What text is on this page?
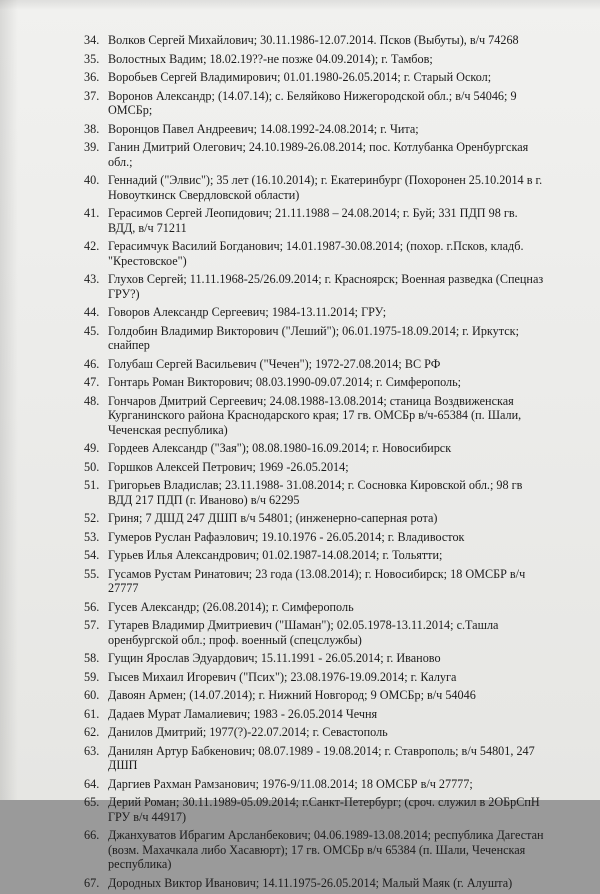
34. Волков Сергей Михайлович; 30.11.1986-12.07.2014. Псков (Выбуты), в/ч 74268
35. Волостных Вадим; 18.02.19??-не позже 04.09.2014); г. Тамбов;
36. Воробьев Сергей Владимирович; 01.01.1980-26.05.2014; г. Старый Оскол;
37. Воронов Александр; (14.07.14); с. Беляйково Нижегородской обл.; в/ч 54046; 9 ОМСБр;
38. Воронцов Павел Андреевич; 14.08.1992-24.08.2014; г. Чита;
39. Ганин Дмитрий Олегович; 24.10.1989-26.08.2014; пос. Котлубанка Оренбургская обл.;
40. Геннадий ("Элвис"); 35 лет (16.10.2014); г. Екатеринбург (Похоронен 25.10.2014 в г. Новоуткинск Свердловской области)
41. Герасимов Сергей Леопидович; 21.11.1988 – 24.08.2014; г. Буй; 331 ПДП 98 гв. ВДД, в/ч 71211
42. Герасимчук Василий Богданович; 14.01.1987-30.08.2014; (похор. г.Псков, кладб. "Крестовское")
43. Глухов Сергей; 11.11.1968-25/26.09.2014; г. Красноярск; Военная разведка (Спецназ ГРУ?)
44. Говоров Александр Сергеевич; 1984-13.11.2014; ГРУ;
45. Голдобин Владимир Викторович ("Леший"); 06.01.1975-18.09.2014; г. Иркутск; снайпер
46. Голубаш Сергей Васильевич ("Чечен"); 1972-27.08.2014; ВС РФ
47. Гонтарь Роман Викторович; 08.03.1990-09.07.2014; г. Симферополь;
48. Гончаров Дмитрий Сергеевич; 24.08.1988-13.08.2014; станица Воздвиженская Курганинского района Краснодарского края; 17 гв. ОМСБр в/ч-65384 (п. Шали, Чеченская республика)
49. Гордеев Александр ("Зая"); 08.08.1980-16.09.2014; г. Новосибирск
50. Горшков Алексей Петрович; 1969 -26.05.2014;
51. Григорьев Владислав; 23.11.1988- 31.08.2014; г. Сосновка Кировской обл.; 98 гв ВДД 217 ПДП (г. Иваново) в/ч 62295
52. Гриня; 7 ДШД 247 ДШП в/ч 54801; (инженерно-саперная рота)
53. Гумеров Руслан Рафаэлович; 19.10.1976 - 26.05.2014; г. Владивосток
54. Гурьев Илья Александрович; 01.02.1987-14.08.2014; г. Тольятти;
55. Гусамов Рустам Ринатович; 23 года (13.08.2014); г. Новосибирск; 18 ОМСБР в/ч 27777
56. Гусев Александр; (26.08.2014); г. Симферополь
57. Гутарев Владимир Дмитриевич ("Шаман"); 02.05.1978-13.11.2014; с.Ташла оренбургской обл.; проф. военный (спецслужбы)
58. Гущин Ярослав Эдуардович; 15.11.1991 - 26.05.2014; г. Иваново
59. Гысев Михаил Игоревич ("Псих"); 23.08.1976-19.09.2014; г. Калуга
60. Давоян Армен; (14.07.2014); г. Нижний Новгород; 9 ОМСБр; в/ч 54046
61. Дадаев Мурат Ламалиевич; 1983 - 26.05.2014 Чечня
62. Данилов Дмитрий; 1977(?)-22.07.2014; г. Севастополь
63. Данилян Артур Бабкенович; 08.07.1989 - 19.08.2014; г. Ставрополь; в/ч 54801, 247 ДШП
64. Даргиев Рахман Рамзанович; 1976-9/11.08.2014; 18 ОМСБР в/ч 27777;
65. Дерий Роман; 30.11.1989-05.09.2014; г.Санкт-Петербург; (сроч. служил в 2ОБрСпН ГРУ в/ч 44917)
66. Джанхуватов Ибрагим Арсланбекович; 04.06.1989-13.08.2014; республика Дагестан (возм. Махачкала либо Хасавюрт); 17 гв. ОМСБр в/ч 65384 (п. Шали, Чеченская республика)
67. Дородных Виктор Иванович; 14.11.1975-26.05.2014; Малый Маяк (г. Алушта)
